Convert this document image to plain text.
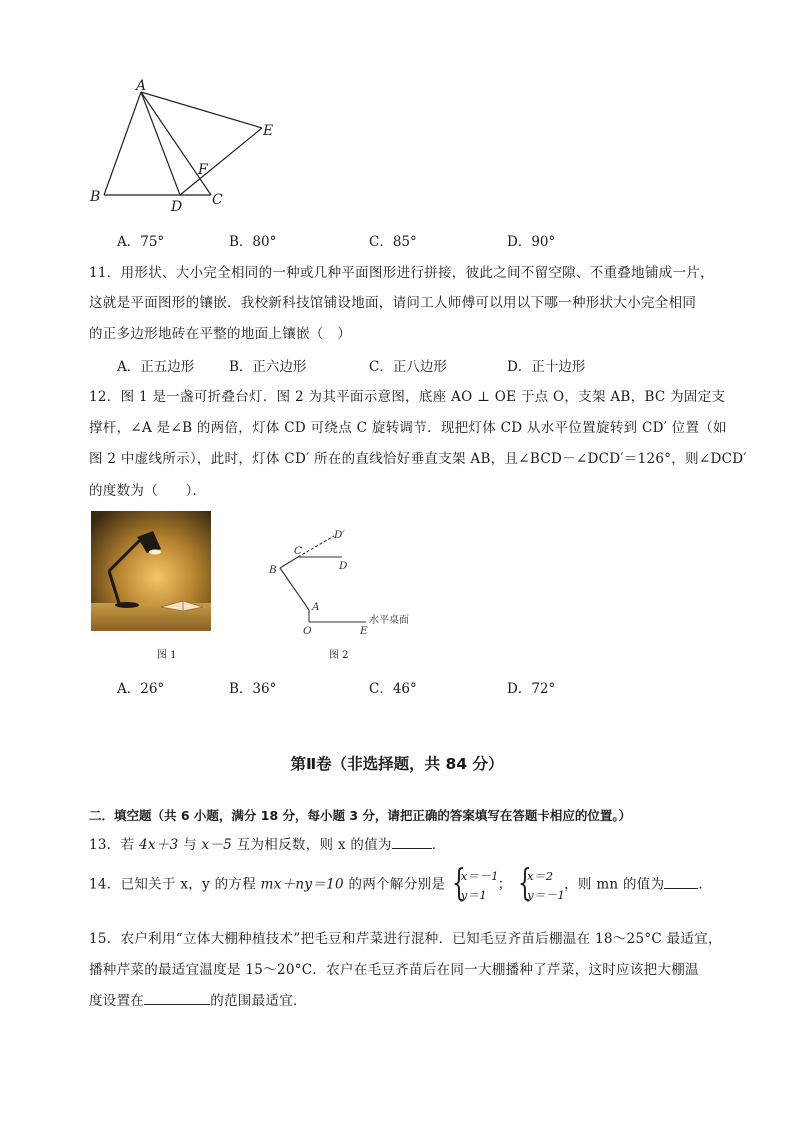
A
B
D C
E
F
A．75°	B．80°	C．85°	D．90°
11．用形状、大小完全相同的一种或几种平面图形进行拼接，彼此之间不留空隙、不重叠地铺成一片，
这就是平面图形的镶嵌．我校新科技馆铺设地面，请问工人师傅可以用以下哪一种形状大小完全相同
的正多边形地砖在平整的地面上镶嵌（　）
A．正五边形	B．正六边形	C．正八边形	D．正十边形
12．图 1 是一盏可折叠台灯．图 2 为其平面示意图，底座 AO ⊥ OE 于点 O，支架 AB，BC 为固定支
撑杆，∠A 是∠B 的两倍，灯体 CD 可绕点 C 旋转调节．现把灯体 CD 从水平位置旋转到 CD′ 位置（如
图 2 中虚线所示），此时，灯体 CD′ 所在的直线恰好垂直支架 AB，且∠BCD－∠DCD′＝126°，则∠DCD′
的度数为（　　）．
图 1
C
D′
D
B
A
O	E
水平桌面
图 2
A．26°	B．36°	C．46°	D．72°
第Ⅱ卷（非选择题，共 84 分）
二．填空题（共 6 小题，满分 18 分，每小题 3 分，请把正确的答案填写在答题卡相应的位置。）
13．若 4x＋3 与 x－5 互为相反数，则 x 的值为	．
14．已知关于 x，y 的方程 mx＋ny＝10 的两个解分别是 {
x＝－1
y＝1
； {
x＝2
y＝－1
，则 mn 的值为	．
15．农户利用“立体大棚种植技术”把毛豆和芹菜进行混种．已知毛豆齐苗后棚温在 18～25°C 最适宜，
播种芹菜的最适宜温度是 15～20°C．农户在毛豆齐苗后在同一大棚播种了芹菜，这时应该把大棚温
度设置在	的范围最适宜．
